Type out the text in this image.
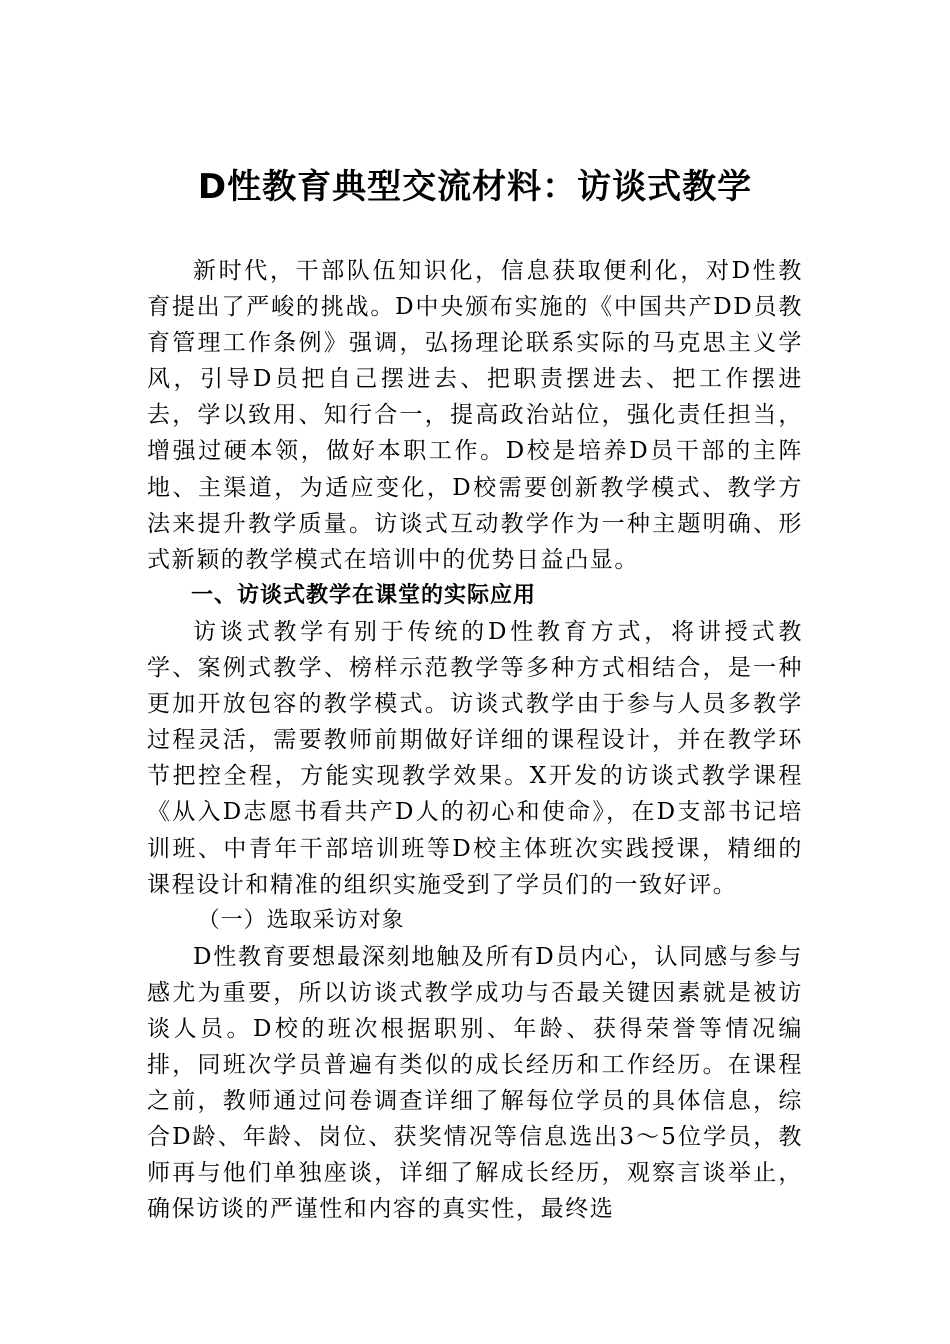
D性教育典型交流材料：访谈式教学

新时代，干部队伍知识化，信息获取便利化，对D性教育提出了严峻的挑战。D中央颁布实施的《中国共产DD员教育管理工作条例》强调，弘扬理论联系实际的马克思主义学风，引导D员把自己摆进去、把职责摆进去、把工作摆进去，学以致用、知行合一，提高政治站位，强化责任担当，增强过硬本领，做好本职工作。D校是培养D员干部的主阵地、主渠道，为适应变化，D校需要创新教学模式、教学方法来提升教学质量。访谈式互动教学作为一种主题明确、形式新颖的教学模式在培训中的优势日益凸显。

一、访谈式教学在课堂的实际应用

访谈式教学有别于传统的D性教育方式，将讲授式教学、案例式教学、榜样示范教学等多种方式相结合，是一种更加开放包容的教学模式。访谈式教学由于参与人员多教学过程灵活，需要教师前期做好详细的课程设计，并在教学环节把控全程，方能实现教学效果。X开发的访谈式教学课程《从入D志愿书看共产D人的初心和使命》，在D支部书记培训班、中青年干部培训班等D校主体班次实践授课，精细的课程设计和精准的组织实施受到了学员们的一致好评。

（一）选取采访对象

D性教育要想最深刻地触及所有D员内心，认同感与参与感尤为重要，所以访谈式教学成功与否最关键因素就是被访谈人员。D校的班次根据职别、年龄、获得荣誉等情况编排，同班次学员普遍有类似的成长经历和工作经历。在课程之前，教师通过问卷调查详细了解每位学员的具体信息，综合D龄、年龄、岗位、获奖情况等信息选出3～5位学员，教师再与他们单独座谈，详细了解成长经历，观察言谈举止，确保访谈的严谨性和内容的真实性，最终选
